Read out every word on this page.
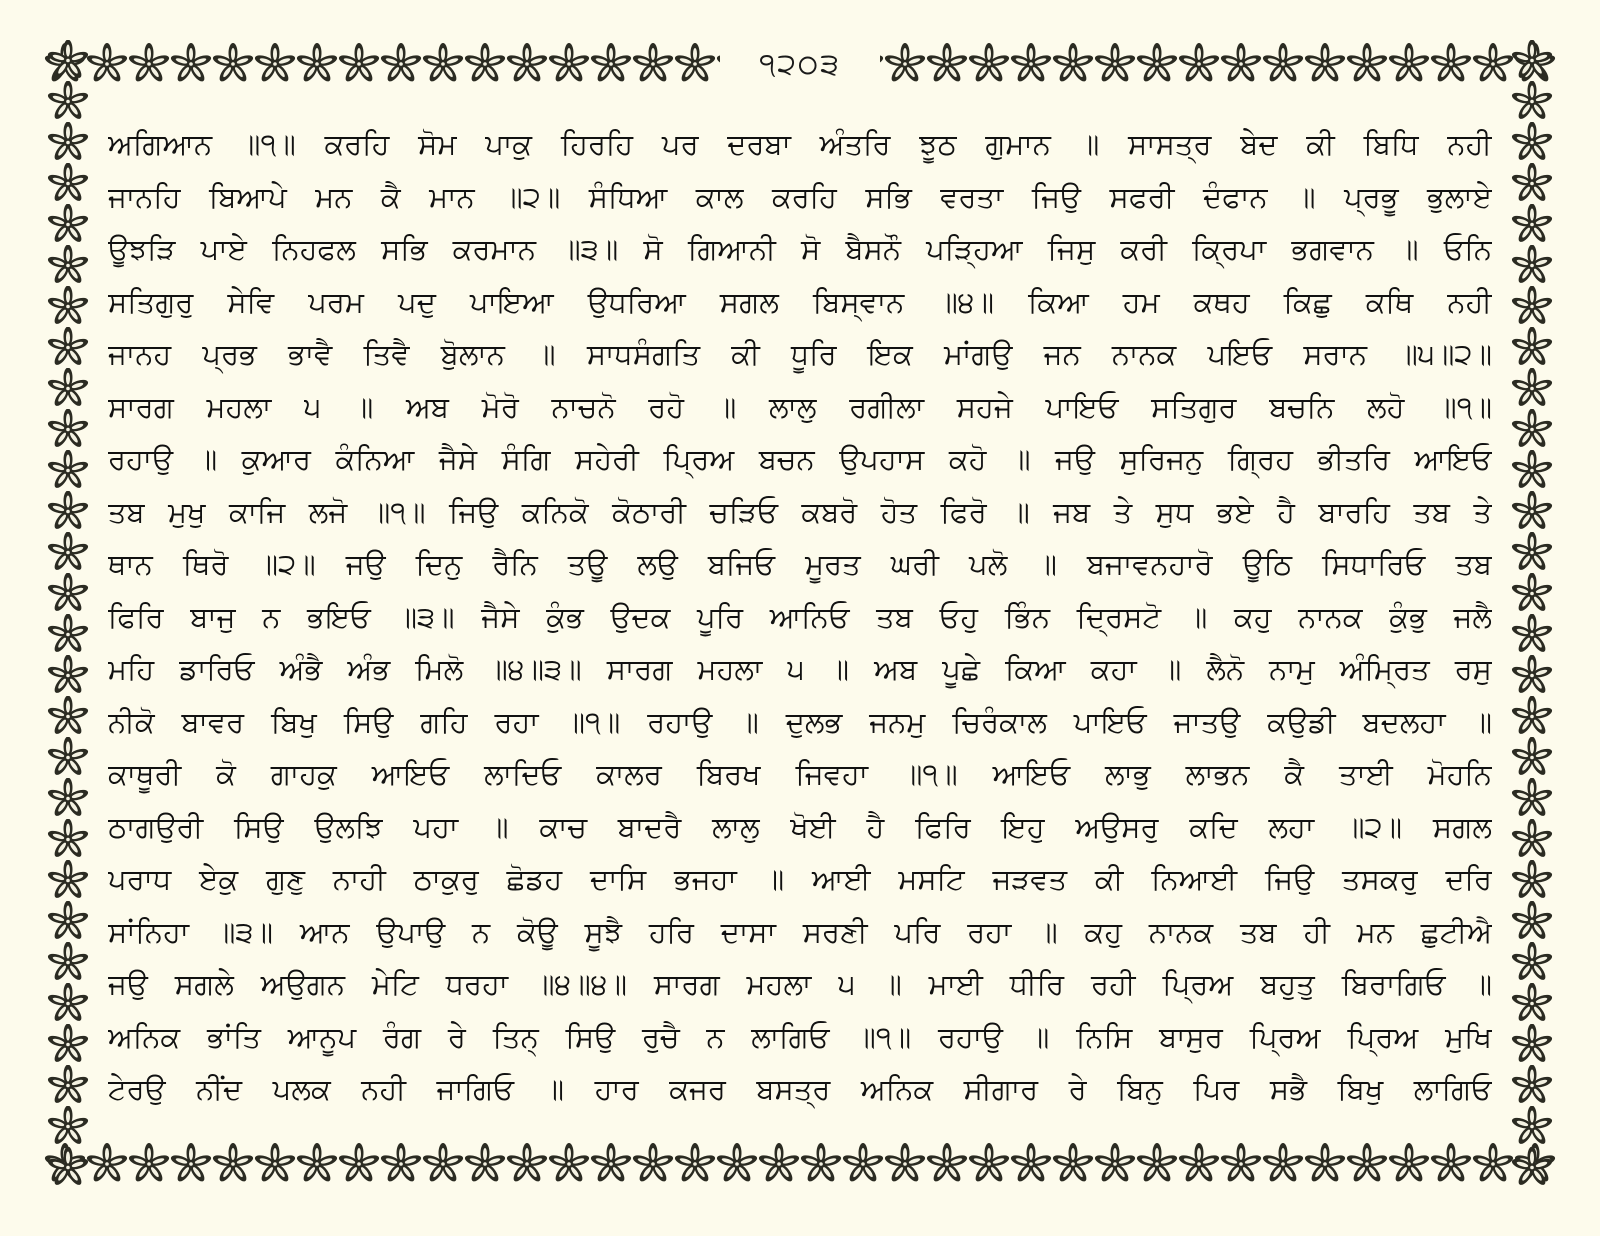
੧੨੦੩
ਅਗਿਆਨ ॥੧॥ ਕਰਹਿ ਸੋਮ ਪਾਕੁ ਹਿਰਹਿ ਪਰ ਦਰਬਾ ਅੰਤਰਿ ਝੂਠ ਗੁਮਾਨ ॥ ਸਾਸਤ੍ਰ ਬੇਦ ਕੀ ਬਿਧਿ ਨਹੀ
ਜਾਨਹਿ ਬਿਆਪੇ ਮਨ ਕੈ ਮਾਨ ॥੨॥ ਸੰਧਿਆ ਕਾਲ ਕਰਹਿ ਸਭਿ ਵਰਤਾ ਜਿਉ ਸਫਰੀ ਦੰਫਾਨ ॥ ਪ੍ਰਭੂ ਭੁਲਾਏ
ਊਝੜਿ ਪਾਏ ਨਿਹਫਲ ਸਭਿ ਕਰਮਾਨ ॥੩॥ ਸੋ ਗਿਆਨੀ ਸੋ ਬੈਸਨੌ ਪੜ੍ਹਿਆ ਜਿਸੁ ਕਰੀ ਕ੍ਰਿਪਾ ਭਗਵਾਨ ॥ ਓਨਿ
ਸਤਿਗੁਰੁ ਸੇਵਿ ਪਰਮ ਪਦੁ ਪਾਇਆ ਉਧਰਿਆ ਸਗਲ ਬਿਸ੍ਵਾਨ ॥੪॥ ਕਿਆ ਹਮ ਕਥਹ ਕਿਛੁ ਕਥਿ ਨਹੀ
ਜਾਨਹ ਪ੍ਰਭ ਭਾਵੈ ਤਿਵੈ ਬੋੁਲਾਨ ॥ ਸਾਧਸੰਗਤਿ ਕੀ ਧੂਰਿ ਇਕ ਮਾਂਗਉ ਜਨ ਨਾਨਕ ਪਇਓ ਸਰਾਨ ॥੫॥੨॥
ਸਾਰਗ ਮਹਲਾ ੫ ॥ ਅਬ ਮੋਰੋ ਨਾਚਨੋ ਰਹੋ ॥ ਲਾਲੁ ਰਗੀਲਾ ਸਹਜੇ ਪਾਇਓ ਸਤਿਗੁਰ ਬਚਨਿ ਲਹੋ ॥੧॥
ਰਹਾਉ ॥ ਕੁਆਰ ਕੰਨਿਆ ਜੈਸੇ ਸੰਗਿ ਸਹੇਰੀ ਪ੍ਰਿਅ ਬਚਨ ਉਪਹਾਸ ਕਹੋ ॥ ਜਉ ਸੁਰਿਜਨੁ ਗ੍ਰਿਹ ਭੀਤਰਿ ਆਇਓ
ਤਬ ਮੁਖੁ ਕਾਜਿ ਲਜੋ ॥੧॥ ਜਿਉ ਕਨਿਕੋ ਕੋਠਾਰੀ ਚੜਿਓ ਕਬਰੋ ਹੋਤ ਫਿਰੋ ॥ ਜਬ ਤੇ ਸੁਧ ਭਏ ਹੈ ਬਾਰਹਿ ਤਬ ਤੇ
ਥਾਨ ਥਿਰੋ ॥੨॥ ਜਉ ਦਿਨੁ ਰੈਨਿ ਤਊ ਲਉ ਬਜਿਓ ਮੂਰਤ ਘਰੀ ਪਲੋ ॥ ਬਜਾਵਨਹਾਰੋ ਊਠਿ ਸਿਧਾਰਿਓ ਤਬ
ਫਿਰਿ ਬਾਜੁ ਨ ਭਇਓ ॥੩॥ ਜੈਸੇ ਕੁੰਭ ਉਦਕ ਪੂਰਿ ਆਨਿਓ ਤਬ ਓਹੁ ਭਿੰਨ ਦ੍ਰਿਸਟੋ ॥ ਕਹੁ ਨਾਨਕ ਕੁੰਭੁ ਜਲੈ
ਮਹਿ ਡਾਰਿਓ ਅੰਭੈ ਅੰਭ ਮਿਲੋ ॥੪॥੩॥ ਸਾਰਗ ਮਹਲਾ ੫ ॥ ਅਬ ਪੂਛੇ ਕਿਆ ਕਹਾ ॥ ਲੈਨੋ ਨਾਮੁ ਅੰਮ੍ਰਿਤ ਰਸੁ
ਨੀਕੋ ਬਾਵਰ ਬਿਖੁ ਸਿਉ ਗਹਿ ਰਹਾ ॥੧॥ ਰਹਾਉ ॥ ਦੁਲਭ ਜਨਮੁ ਚਿਰੰਕਾਲ ਪਾਇਓ ਜਾਤਉ ਕਉਡੀ ਬਦਲਹਾ ॥
ਕਾਥੂਰੀ ਕੋ ਗਾਹਕੁ ਆਇਓ ਲਾਦਿਓ ਕਾਲਰ ਬਿਰਖ ਜਿਵਹਾ ॥੧॥ ਆਇਓ ਲਾਭੁ ਲਾਭਨ ਕੈ ਤਾਈ ਮੋਹਨਿ
ਠਾਗਉਰੀ ਸਿਉ ਉਲਝਿ ਪਹਾ ॥ ਕਾਚ ਬਾਦਰੈ ਲਾਲੁ ਖੋਈ ਹੈ ਫਿਰਿ ਇਹੁ ਅਉਸਰੁ ਕਦਿ ਲਹਾ ॥੨॥ ਸਗਲ
ਪਰਾਧ ਏਕੁ ਗੁਣੁ ਨਾਹੀ ਠਾਕੁਰੁ ਛੋਡਹ ਦਾਸਿ ਭਜਹਾ ॥ ਆਈ ਮਸਟਿ ਜੜਵਤ ਕੀ ਨਿਆਈ ਜਿਉ ਤਸਕਰੁ ਦਰਿ
ਸਾਂਨਿਹਾ ॥੩॥ ਆਨ ਉਪਾਉ ਨ ਕੋਊ ਸੂਝੈ ਹਰਿ ਦਾਸਾ ਸਰਣੀ ਪਰਿ ਰਹਾ ॥ ਕਹੁ ਨਾਨਕ ਤਬ ਹੀ ਮਨ ਛੁਟੀਐ
ਜਉ ਸਗਲੇ ਅਉਗਨ ਮੇਟਿ ਧਰਹਾ ॥੪॥੪॥ ਸਾਰਗ ਮਹਲਾ ੫ ॥ ਮਾਈ ਧੀਰਿ ਰਹੀ ਪ੍ਰਿਅ ਬਹੁਤੁ ਬਿਰਾਗਿਓ ॥
ਅਨਿਕ ਭਾਂਤਿ ਆਨੂਪ ਰੰਗ ਰੇ ਤਿਨ੍ ਸਿਉ ਰੁਚੈ ਨ ਲਾਗਿਓ ॥੧॥ ਰਹਾਉ ॥ ਨਿਸਿ ਬਾਸੁਰ ਪ੍ਰਿਅ ਪ੍ਰਿਅ ਮੁਖਿ
ਟੇਰਉ ਨੀਂਦ ਪਲਕ ਨਹੀ ਜਾਗਿਓ ॥ ਹਾਰ ਕਜਰ ਬਸਤ੍ਰ ਅਨਿਕ ਸੀਗਾਰ ਰੇ ਬਿਨੁ ਪਿਰ ਸਭੈ ਬਿਖੁ ਲਾਗਿਓ
